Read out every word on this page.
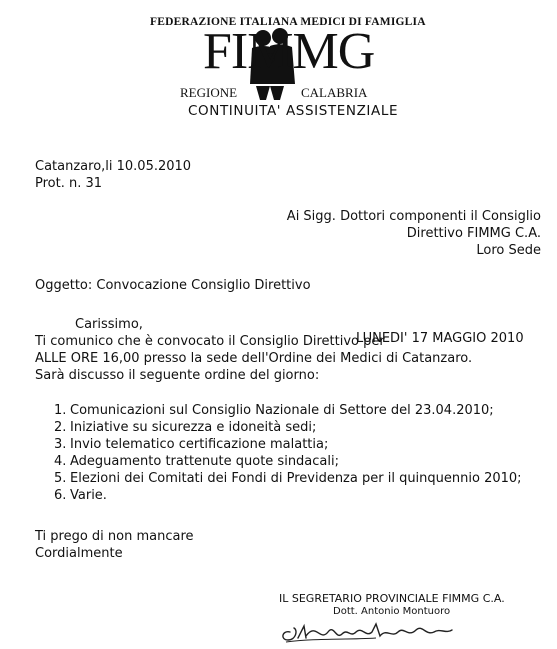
FEDERAZIONE ITALIANA MEDICI DI FAMIGLIA
FIMMG
REGIONE	CALABRIA
CONTINUITA' ASSISTENZIALE
Catanzaro,li 10.05.2010
Prot. n. 31
Ai Sigg. Dottori componenti il Consiglio
Direttivo FIMMG C.A.
Loro Sede
Oggetto: Convocazione Consiglio Direttivo
Carissimo,
Ti comunico che è convocato il Consiglio Direttivo per
LUNEDI' 17 MAGGIO 2010
ALLE ORE 16,00 presso la sede dell'Ordine dei Medici di Catanzaro.
Sarà discusso il seguente ordine del giorno:
1. Comunicazioni sul Consiglio Nazionale di Settore del 23.04.2010;
2. Iniziative su sicurezza e idoneità sedi;
3. Invio telematico certificazione malattia;
4. Adeguamento trattenute quote sindacali;
5. Elezioni dei Comitati dei Fondi di Previdenza per il quinquennio 2010;
6. Varie.
Ti prego di non mancare
Cordialmente
IL SEGRETARIO PROVINCIALE FIMMG C.A.
Dott. Antonio Montuoro
